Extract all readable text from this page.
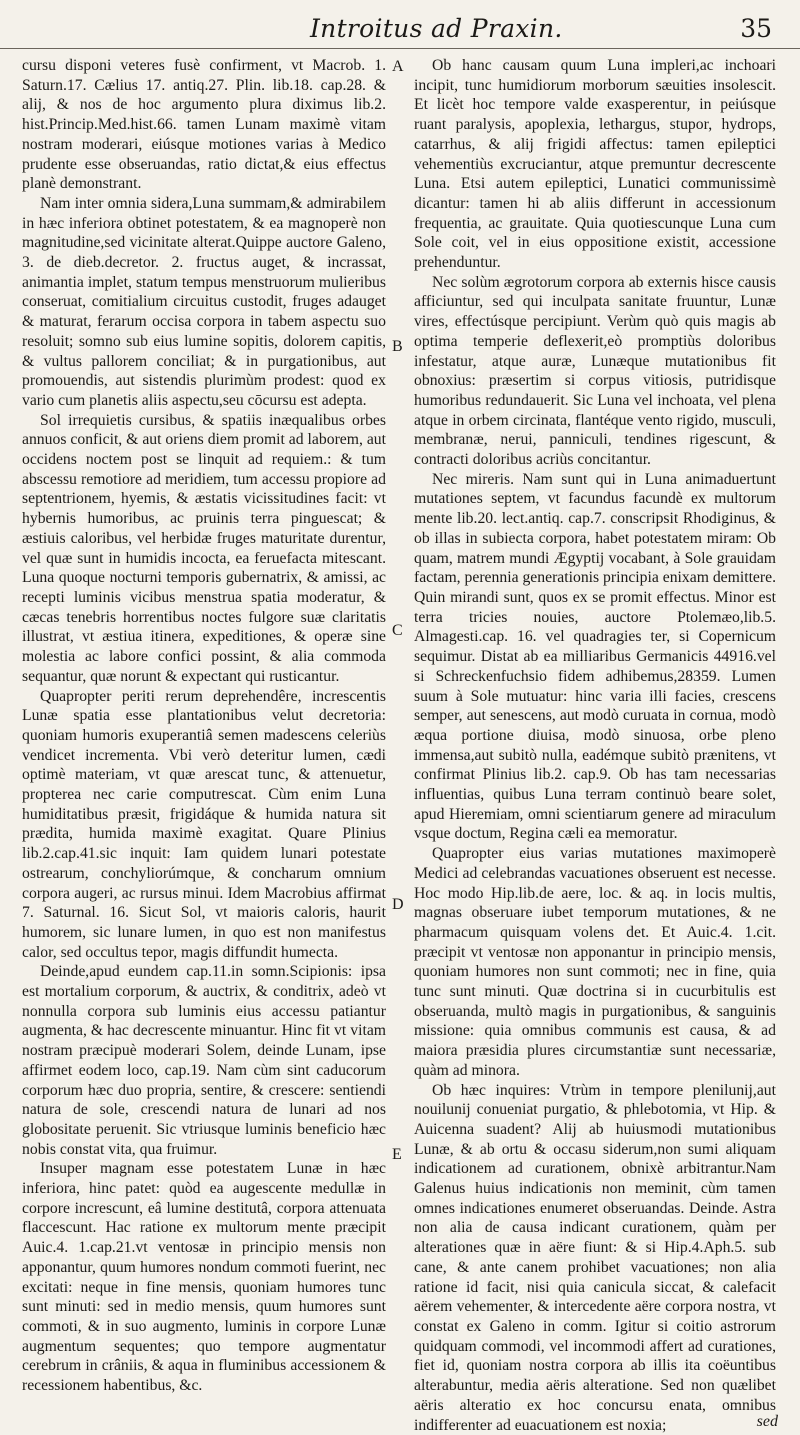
Introitus ad Praxin.	35

cursu disponi veteres fusè confirment, vt Macrob. 1. Saturn.17. Cælius 17. antiq.27. Plin. lib.18. cap.28. & alij, & nos de hoc argumento plura diximus lib.2. hist.Princip.Med.hist.66. tamen Lunam maximè vitam nostram moderari, eiúsque motiones varias à Medico prudente esse obseruandas, ratio dictat,& eius effectus planè demonstrant.

Nam inter omnia sidera,Luna summam,& admirabilem in hæc inferiora obtinet potestatem, & ea magnoperè non magnitudine,sed vicinitate alterat.Quippe auctore Galeno, 3. de dieb.decretor. 2. fructus auget, & incrassat, animantia implet, statum tempus menstruorum mulieribus conseruat, comitialium circuitus custodit, fruges adauget & maturat, ferarum occisa corpora in tabem aspectu suo resoluit; somno sub eius lumine sopitis, dolorem capitis, & vultus pallorem conciliat; & in purgationibus, aut promouendis, aut sistendis plurimùm prodest: quod ex vario cum planetis aliis aspectu,seu cōcursu est adepta.

Sol irrequietis cursibus, & spatiis inæqualibus orbes annuos conficit, & aut oriens diem promit ad laborem, aut occidens noctem post se linquit ad requiem.: & tum abscessu remotiore ad meridiem, tum accessu propiore ad septentrionem, hyemis, & æstatis vicissitudines facit: vt hybernis humoribus, ac pruinis terra pinguescat; & æstiuis caloribus, vel herbidæ fruges maturitate durentur, vel quæ sunt in humidis incocta, ea feruefacta mitescant. Luna quoque nocturni temporis gubernatrix, & amissi, ac recepti luminis vicibus menstrua spatia moderatur, & cæcas tenebris horrentibus noctes fulgore suæ claritatis illustrat, vt æstiua itinera, expeditiones, & operæ sine molestia ac labore confici possint, & alia commoda sequantur, quæ norunt & expectant qui rusticantur.

Quapropter periti rerum deprehendêre, increscentis Lunæ spatia esse plantationibus velut decretoria: quoniam humoris exuperantiâ semen madescens celeriùs vendicet incrementa. Vbi verò deteritur lumen, cædi optimè materiam, vt quæ arescat tunc, & attenuetur, propterea nec carie computrescat. Cùm enim Luna humiditatibus præsit, frigidáque & humida natura sit prædita, humida maximè exagitat. Quare Plinius lib.2.cap.41.sic inquit: Iam quidem lunari potestate ostrearum, conchyliorúmque, & concharum omnium corpora augeri, ac rursus minui. Idem Macrobius affirmat 7. Saturnal. 16. Sicut Sol, vt maioris caloris, haurit humorem, sic lunare lumen, in quo est non manifestus calor, sed occultus tepor, magis diffundit humecta.

Deinde,apud eundem cap.11.in somn.Scipionis: ipsa est mortalium corporum, & auctrix, & conditrix, adeò vt nonnulla corpora sub luminis eius accessu patiantur augmenta, & hac decrescente minuantur. Hinc fit vt vitam nostram præcipuè moderari Solem, deinde Lunam, ipse affirmet eodem loco, cap.19. Nam cùm sint caducorum corporum hæc duo propria, sentire, & crescere: sentiendi natura de sole, crescendi natura de lunari ad nos globositate peruenit. Sic vtriusque luminis beneficio hæc nobis constat vita, qua fruimur.

Insuper magnam esse potestatem Lunæ in hæc inferiora, hinc patet: quòd ea augescente medullæ in corpore increscunt, eâ lumine destitutâ, corpora attenuata flaccescunt. Hac ratione ex multorum mente præcipit Auic.4. 1.cap.21.vt ventosæ in principio mensis non apponantur, quum humores nondum commoti fuerint, nec excitati: neque in fine mensis, quoniam humores tunc sunt minuti: sed in medio mensis, quum humores sunt commoti, & in suo augmento, luminis in corpore Lunæ augmentum sequentes; quo tempore augmentatur cerebrum in crâniis, & aqua in fluminibus accessionem & recessionem habentibus, &c.

A
B
C
D
E

Ob hanc causam quum Luna impleri,ac inchoari incipit, tunc humidiorum morborum sæuities insolescit. Et licèt hoc tempore valde exasperentur, in peiúsque ruant paralysis, apoplexia, lethargus, stupor, hydrops, catarrhus, & alij frigidi affectus: tamen epileptici vehementiùs excruciantur, atque premuntur decrescente Luna. Etsi autem epileptici, Lunatici communissimè dicantur: tamen hi ab aliis differunt in accessionum frequentia, ac grauitate. Quia quotiescunque Luna cum Sole coit, vel in eius oppositione existit, accessione prehenduntur.

Nec solùm ægrotorum corpora ab externis hisce causis afficiuntur, sed qui inculpata sanitate fruuntur, Lunæ vires, effectúsque percipiunt. Verùm quò quis magis ab optima temperie deflexerit,eò promptiùs doloribus infestatur, atque auræ, Lunæque mutationibus fit obnoxius: præsertim si corpus vitiosis, putridisque humoribus redundauerit. Sic Luna vel inchoata, vel plena atque in orbem circinata, flantéque vento rigido, musculi, membranæ, nerui, panniculi, tendines rigescunt, & contracti doloribus acriùs concitantur.

Nec mireris. Nam sunt qui in Luna animaduertunt mutationes septem, vt facundus facundè ex multorum mente lib.20. lect.antiq. cap.7. conscripsit Rhodiginus, & ob illas in subiecta corpora, habet potestatem miram: Ob quam, matrem mundi Ægyptij vocabant, à Sole grauidam factam, perennia generationis principia enixam demittere. Quin mirandi sunt, quos ex se promit effectus. Minor est terra tricies nouies, auctore Ptolemæo,lib.5. Almagesti.cap. 16. vel quadragies ter, si Copernicum sequimur. Distat ab ea milliaribus Germanicis 44916.vel si Schreckenfuchsio fidem adhibemus,28359. Lumen suum à Sole mutuatur: hinc varia illi facies, crescens semper, aut senescens, aut modò curuata in cornua, modò æqua portione diuisa, modò sinuosa, orbe pleno immensa,aut subitò nulla, eadémque subitò prænitens, vt confirmat Plinius lib.2. cap.9. Ob has tam necessarias influentias, quibus Luna terram continuò beare solet, apud Hieremiam, omni scientiarum genere ad miraculum vsque doctum, Regina cæli ea memoratur.

Quapropter eius varias mutationes maximoperè Medici ad celebrandas vacuationes obseruent est necesse. Hoc modo Hip.lib.de aere, loc. & aq. in locis multis, magnas obseruare iubet temporum mutationes, & ne pharmacum quisquam volens det. Et Auic.4. 1.cit. præcipit vt ventosæ non apponantur in principio mensis, quoniam humores non sunt commoti; nec in fine, quia tunc sunt minuti. Quæ doctrina si in cucurbitulis est obseruanda, multò magis in purgationibus, & sanguinis missione: quia omnibus communis est causa, & ad maiora præsidia plures circumstantiæ sunt necessariæ, quàm ad minora.

Ob hæc inquires: Vtrùm in tempore plenilunij,aut nouilunij conueniat purgatio, & phlebotomia, vt Hip. & Auicenna suadent? Alij ab huiusmodi mutationibus Lunæ, & ab ortu & occasu siderum,non sumi aliquam indicationem ad curationem, obnixè arbitrantur.Nam Galenus huius indicationis non meminit, cùm tamen omnes indicationes enumeret obseruandas. Deinde. Astra non alia de causa indicant curationem, quàm per alterationes quæ in aëre fiunt: & si Hip.4.Aph.5. sub cane, & ante canem prohibet vacuationes; non alia ratione id facit, nisi quia canicula siccat, & calefacit aërem vehementer, & intercedente aëre corpora nostra, vt constat ex Galeno in comm. Igitur si coitio astrorum quidquam commodi, vel incommodi affert ad curationes, fiet id, quoniam nostra corpora ab illis ita coëuntibus alterabuntur, media aëris alteratione. Sed non quælibet aëris alteratio ex hoc concursu enata, omnibus indifferenter ad euacuationem est noxia;	sed
